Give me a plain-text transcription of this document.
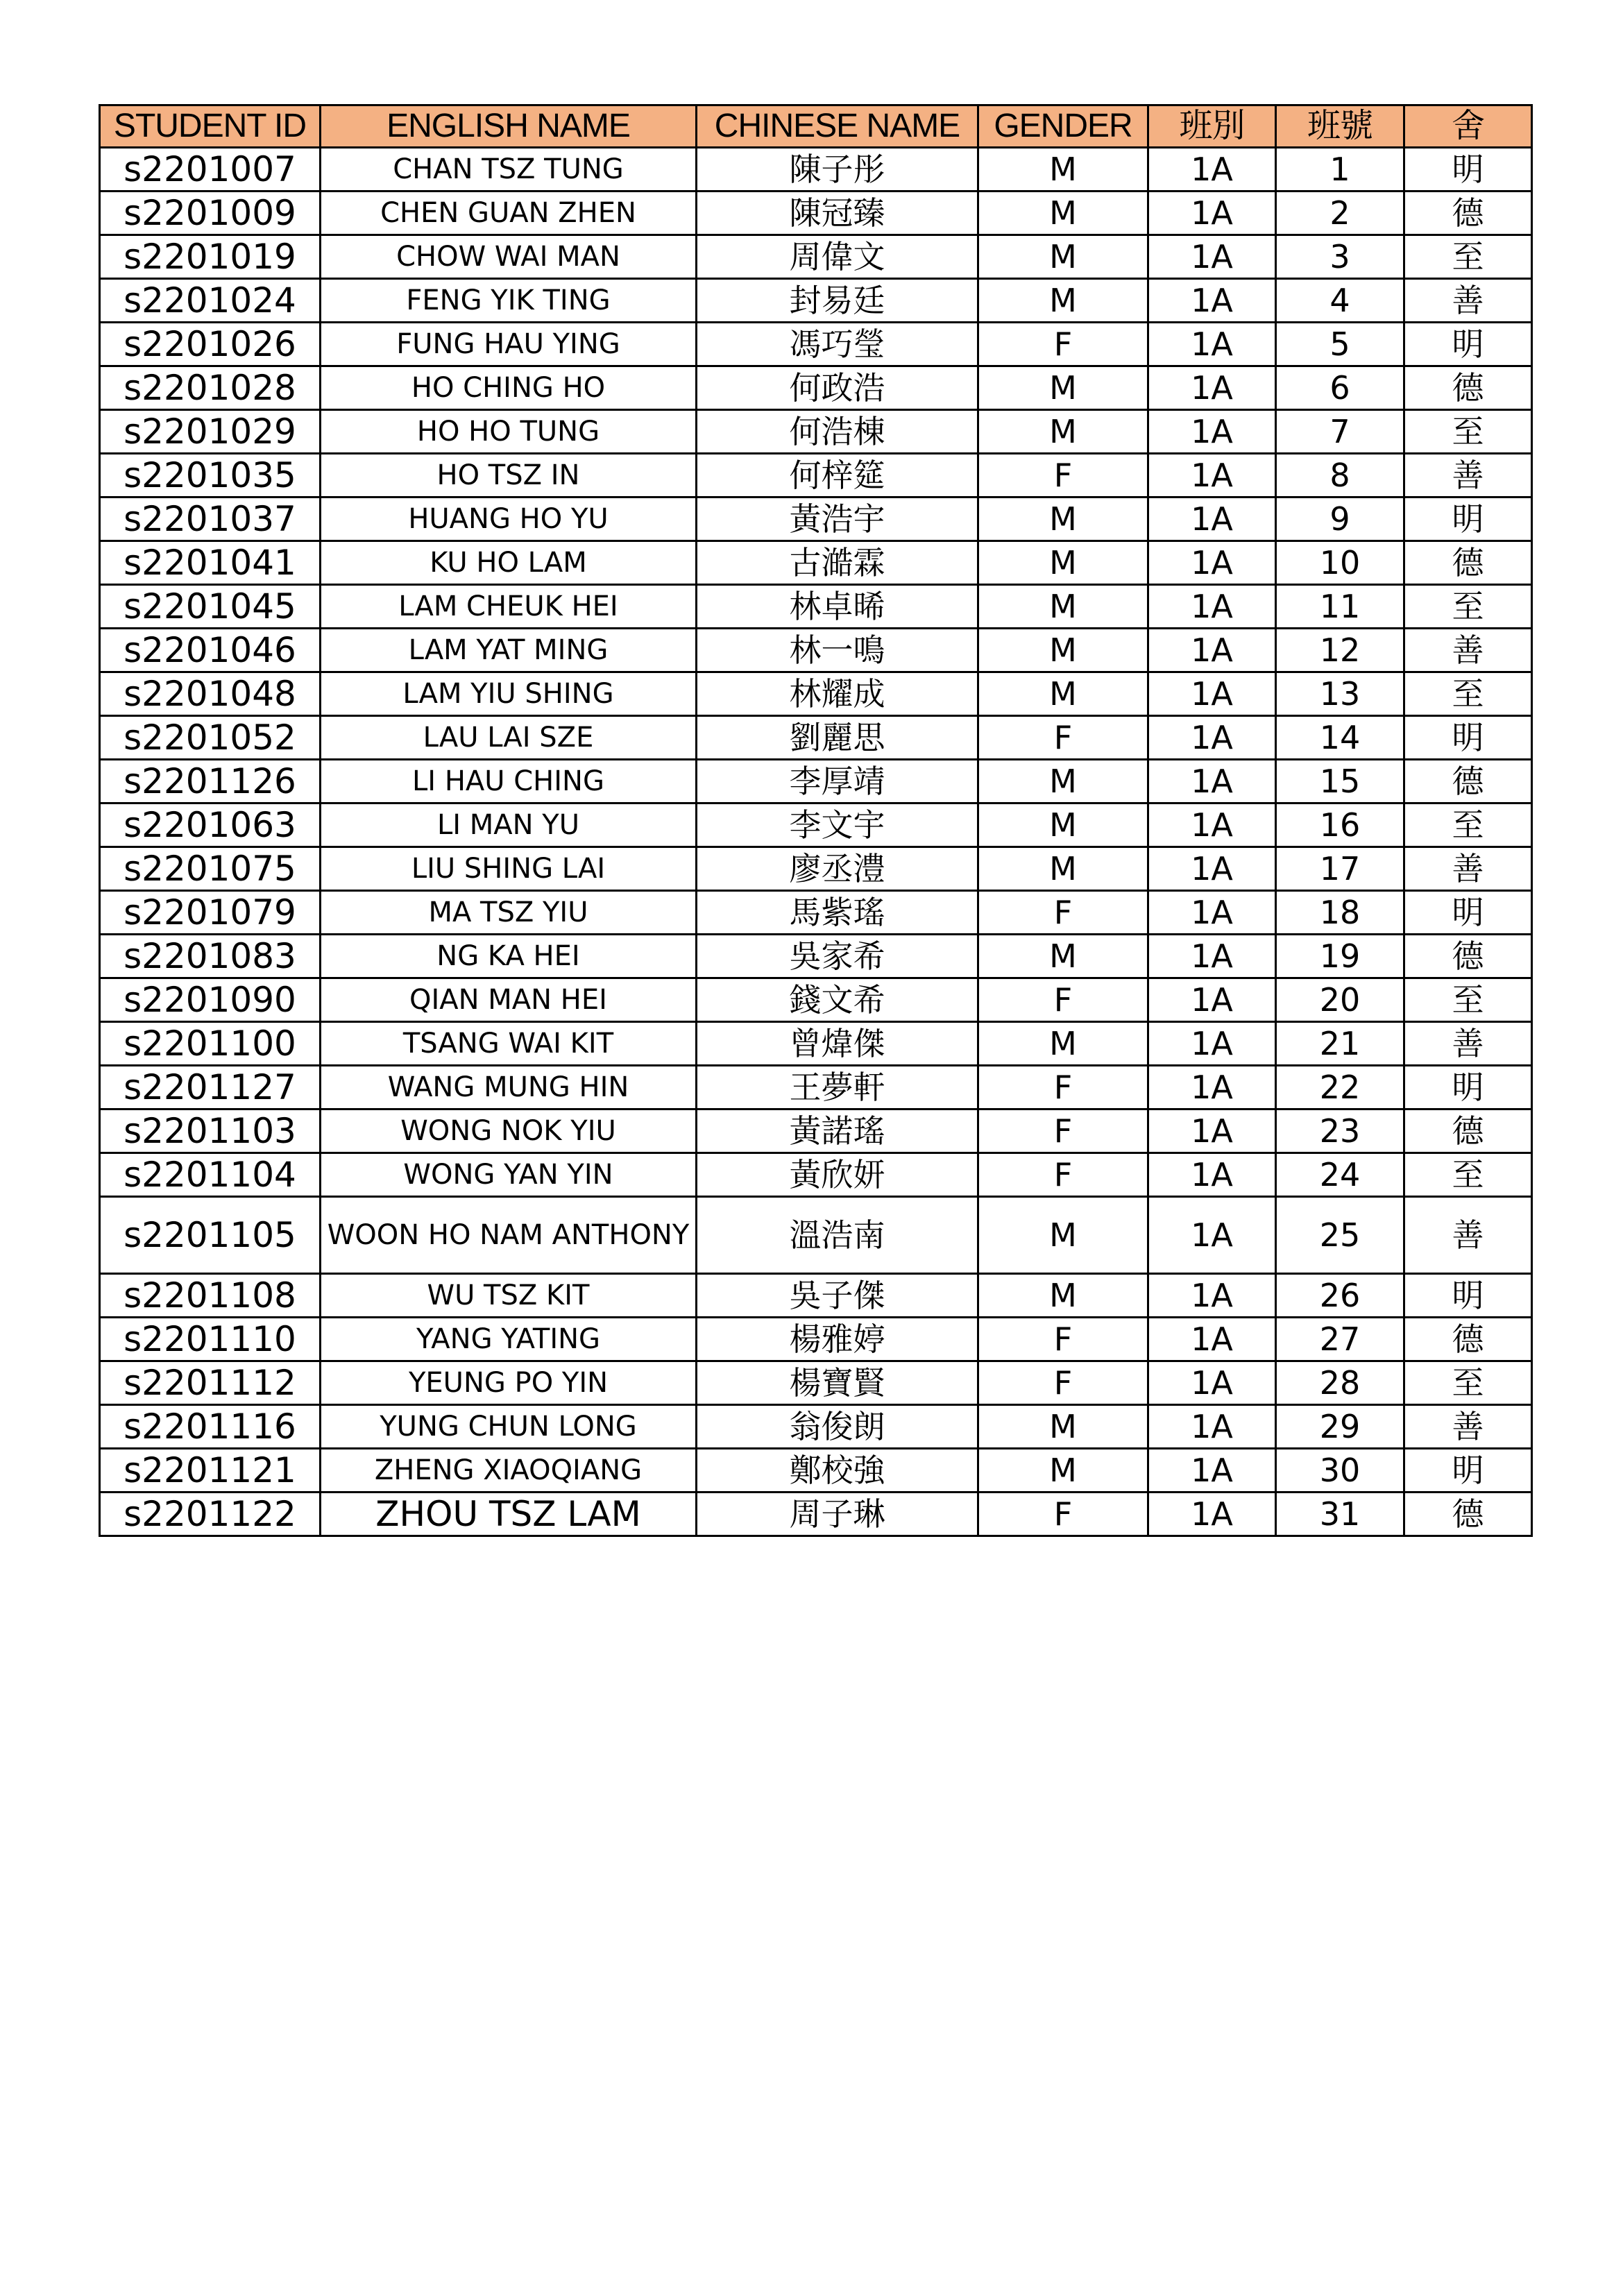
STUDENT ID	ENGLISH NAME	CHINESE NAME	GENDER	班別	班號	舍
s2201007	CHAN TSZ TUNG	陳子彤	M	1A	1	明
s2201009	CHEN GUAN ZHEN	陳冠臻	M	1A	2	德
s2201019	CHOW WAI MAN	周偉文	M	1A	3	至
s2201024	FENG YIK TING	封易廷	M	1A	4	善
s2201026	FUNG HAU YING	馮巧瑩	F	1A	5	明
s2201028	HO CHING HO	何政浩	M	1A	6	德
s2201029	HO HO TUNG	何浩棟	M	1A	7	至
s2201035	HO TSZ IN	何梓筵	F	1A	8	善
s2201037	HUANG HO YU	黃浩宇	M	1A	9	明
s2201041	KU HO LAM	古澔霖	M	1A	10	德
s2201045	LAM CHEUK HEI	林卓晞	M	1A	11	至
s2201046	LAM YAT MING	林一鳴	M	1A	12	善
s2201048	LAM YIU SHING	林耀成	M	1A	13	至
s2201052	LAU LAI SZE	劉麗思	F	1A	14	明
s2201126	LI HAU CHING	李厚靖	M	1A	15	德
s2201063	LI MAN YU	李文宇	M	1A	16	至
s2201075	LIU SHING LAI	廖丞澧	M	1A	17	善
s2201079	MA TSZ YIU	馬紫瑤	F	1A	18	明
s2201083	NG KA HEI	吳家希	M	1A	19	德
s2201090	QIAN MAN HEI	錢文希	F	1A	20	至
s2201100	TSANG WAI KIT	曾煒傑	M	1A	21	善
s2201127	WANG MUNG HIN	王夢軒	F	1A	22	明
s2201103	WONG NOK YIU	黃諾瑤	F	1A	23	德
s2201104	WONG YAN YIN	黃欣妍	F	1A	24	至
s2201105	WOON HO NAM ANTHONY	溫浩南	M	1A	25	善
s2201108	WU TSZ KIT	吳子傑	M	1A	26	明
s2201110	YANG YATING	楊雅婷	F	1A	27	德
s2201112	YEUNG PO YIN	楊寶賢	F	1A	28	至
s2201116	YUNG CHUN LONG	翁俊朗	M	1A	29	善
s2201121	ZHENG XIAOQIANG	鄭校強	M	1A	30	明
s2201122	ZHOU TSZ LAM	周子琳	F	1A	31	德
